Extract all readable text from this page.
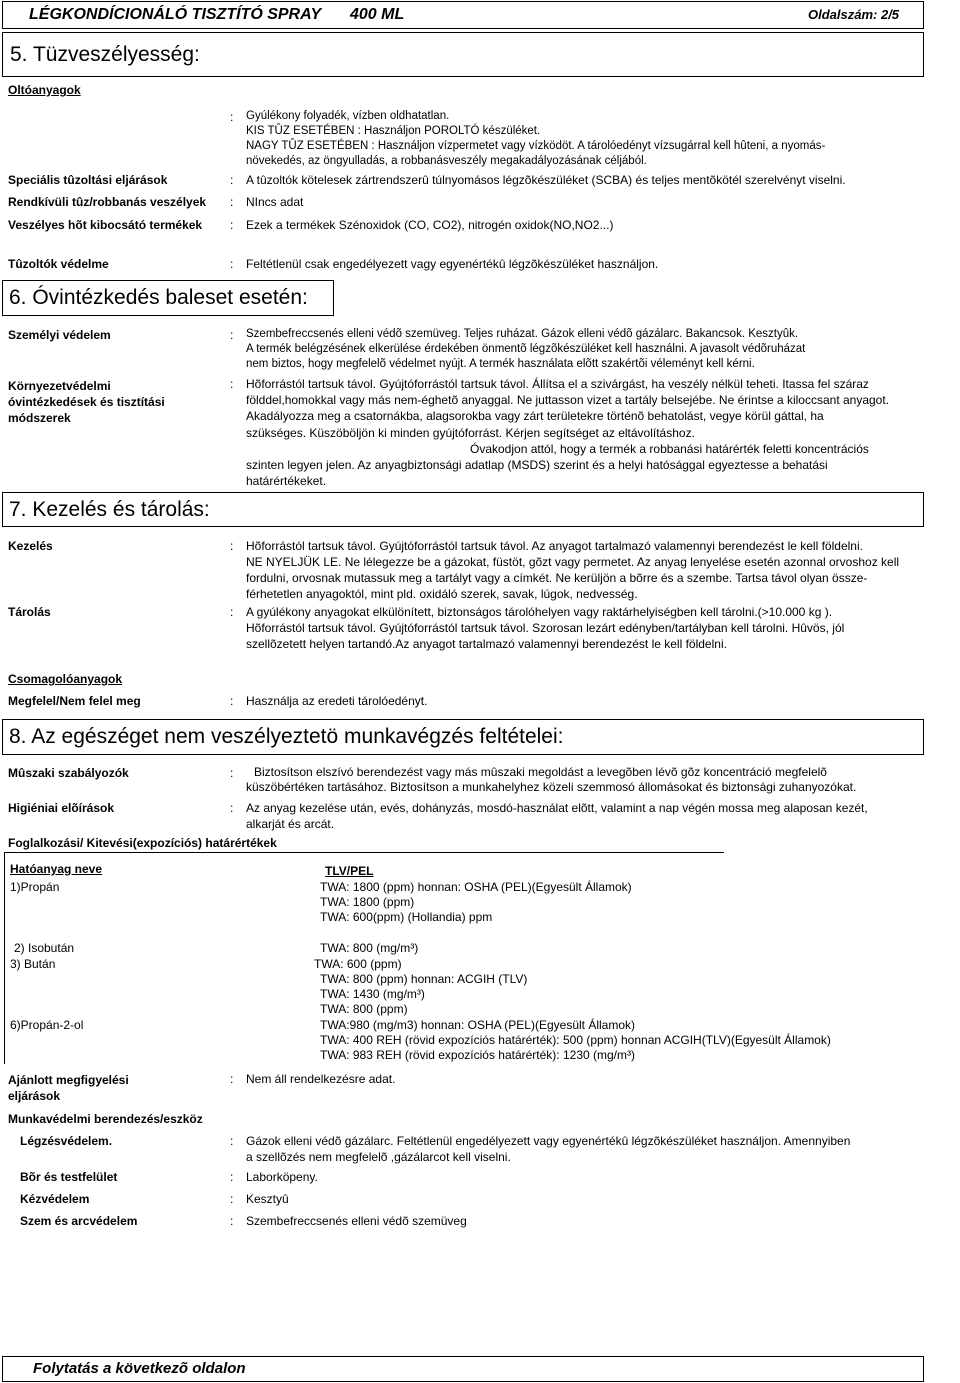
LÉGKONDÍCIONÁLÓ TISZTÍTÓ SPRAY 400 ML	Oldalszám: 2/5
5. Tüzveszélyesség:
Oltóanyagok
: Gyúlékony folyadék, vízben oldhatatlan.
KIS TÛZ ESETÉBEN : Használjon POROLTÓ készüléket.
NAGY TÛZ ESETÉBEN : Használjon vízpermetet vagy vízködöt. A tárolóedényt vízsugárral kell hûteni, a nyomás-
növekedés, az öngyulladás, a robbanásveszély megakadályozásának céljából.
Speciális tûzoltási eljárások	: A tûzoltók kötelesek zártrendszerû túlnyomásos légzõkészüléket (SCBA) és teljes mentõkötél szerelvényt viselni.
Rendkívüli tûz/robbanás veszélyek : NIncs adat
Veszélyes hõt kibocsátó termékek : Ezek a termékek Szénoxidok (CO, CO2), nitrogén oxidok(NO,NO2...)
Tûzoltók védelme	: Feltétlenül csak engedélyezett vagy egyenértékû légzõkészüléket használjon.
6. Óvintézkedés baleset esetén:
Személyi védelem	: Szembefreccsenés elleni védõ szemüveg. Teljes ruházat. Gázok elleni védõ gázálarc. Bakancsok. Kesztyûk.
A termék belégzésének elkerülése érdekében önmentõ légzõkészüléket kell használni. A javasolt védõruházat
nem biztos, hogy megfelelõ védelmet nyújt. A termék használata elõtt szakértõi véleményt kell kérni.
Környezetvédelmi
óvintézkedések és tisztítási
módszerek
: Hõforrástól tartsuk távol. Gyújtóforrástól tartsuk távol. Állítsa el a szivárgást, ha veszély nélkül teheti. Itassa fel száraz
földdel,homokkal vagy más nem-éghetõ anyaggal. Ne juttasson vizet a tartály belsejébe. Ne érintse a kiloccsant anyagot.
Akadályozza meg a csatornákba, alagsorokba vagy zárt területekre történõ behatolást, vegye körül gáttal, ha
szükséges. Küszöböljön ki minden gyújtóforrást. Kérjen segítséget az eltávolításhoz.
Óvakodjon attól, hogy a termék a robbanási határérték feletti koncentrációs
szinten legyen jelen. Az anyagbiztonsági adatlap (MSDS) szerint és a helyi hatósággal egyeztesse a behatási
határértékeket.
7. Kezelés és tárolás:
Kezelés	: Hõforrástól tartsuk távol. Gyújtóforrástól tartsuk távol. Az anyagot tartalmazó valamennyi berendezést le kell földelni.
NE NYELJÜK LE. Ne lélegezze be a gázokat, füstöt, gõzt vagy permetet. Az anyag lenyelése esetén azonnal orvoshoz kell
fordulni, orvosnak mutassuk meg a tartályt vagy a címkét. Ne kerüljön a bõrre és a szembe. Tartsa távol olyan össze-
férhetetlen anyagoktól, mint pld. oxidáló szerek, savak, lúgok, nedvesség.
Tárolás	: A gyúlékony anyagokat elkülönített, biztonságos tárolóhelyen vagy raktárhelyiségben kell tárolni.(>10.000 kg ).
Hõforrástól tartsuk távol. Gyújtóforrástól tartsuk távol. Szorosan lezárt edényben/tartályban kell tárolni. Hûvös, jól
szellõzetett helyen tartandó.Az anyagot tartalmazó valamennyi berendezést le kell földelni.
Csomagolóanyagok
Megfelel/Nem felel meg	: Használja az eredeti tárolóedényt.
8. Az egészéget nem veszélyeztetö munkavégzés feltételei:
Mûszaki szabályozók	:	Biztosítson elszívó berendezést vagy más mûszaki megoldást a levegõben lévõ gõz koncentráció megfelelõ
küszöbértéken tartásához. Biztosítson a munkahelyhez közeli szemmosó állomásokat és biztonsági zuhanyozókat.
Higiéniai elõírások	: Az anyag kezelése után, evés, dohányzás, mosdó-használat elõtt, valamint a nap végén mossa meg alaposan kezét,
alkarját és arcát.
Foglalkozási/ Kitevési(expozíciós) határértékek
Hatóanyag neve	TLV/PEL
1)Propán	TWA: 1800 (ppm) honnan: OSHA (PEL)(Egyesült Államok)
TWA: 1800 (ppm)
TWA: 600(ppm) (Hollandia) ppm
2) Isobután	TWA: 800 (mg/m³)
3) Bután	TWA: 600 (ppm)
TWA: 800 (ppm) honnan: ACGIH (TLV)
TWA: 1430 (mg/m³)
TWA: 800 (ppm)
6)Propán-2-ol	TWA:980 (mg/m3) honnan: OSHA (PEL)(Egyesült Államok)
TWA: 400 REH (rövid expozíciós határérték): 500 (ppm) honnan ACGIH(TLV)(Egyesült Államok)
TWA: 983 REH (rövid expozíciós határérték): 1230 (mg/m³)
Ajánlott megfigyelési
eljárások
: Nem áll rendelkezésre adat.
Munkavédelmi berendezés/eszköz
Légzésvédelem.	: Gázok elleni védõ gázálarc. Feltétlenül engedélyezett vagy egyenértékû légzõkészüléket használjon. Amennyiben
a szellõzés nem megfelelõ ,gázálarcot kell viselni.
Bõr és testfelület	: Laborköpeny.
Kézvédelem	: Kesztyû
Szem és arcvédelem	: Szembefreccsenés elleni védõ szemüveg
Folytatás a következõ oldalon
